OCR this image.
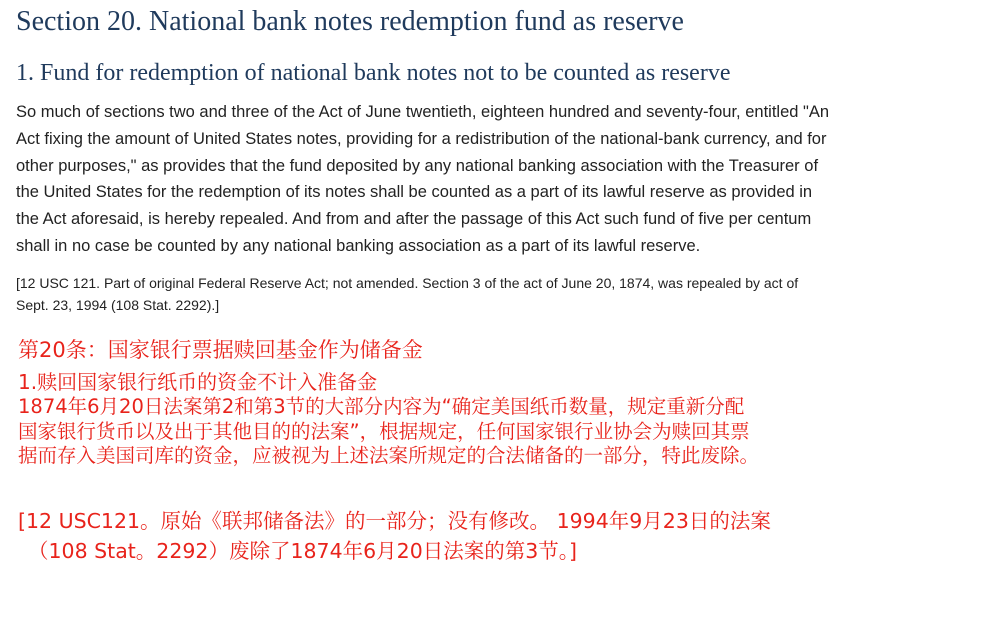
Section 20. National bank notes redemption fund as reserve
1. Fund for redemption of national bank notes not to be counted as reserve
So much of sections two and three of the Act of June twentieth, eighteen hundred and seventy-four, entitled "An
Act fixing the amount of United States notes, providing for a redistribution of the national-bank currency, and for
other purposes," as provides that the fund deposited by any national banking association with the Treasurer of
the United States for the redemption of its notes shall be counted as a part of its lawful reserve as provided in
the Act aforesaid, is hereby repealed. And from and after the passage of this Act such fund of five per centum
shall in no case be counted by any national banking association as a part of its lawful reserve.
[12 USC 121. Part of original Federal Reserve Act; not amended. Section 3 of the act of June 20, 1874, was repealed by act of
Sept. 23, 1994 (108 Stat. 2292).]
第20条：国家银行票据赎回基金作为储备金
1.赎回国家银行纸币的资金不计入准备金
1874年6月20日法案第2和第3节的大部分内容为“确定美国纸币数量，规定重新分配
国家银行货币以及出于其他目的的法案”，根据规定，任何国家银行业协会为赎回其票
据而存入美国司库的资金，应被视为上述法案所规定的合法储备的一部分，特此废除。
[12 USC121。原始《联邦储备法》的一部分；没有修改。 1994年9月23日的法案
（108 Stat。2292）废除了1874年6月20日法案的第3节。]
